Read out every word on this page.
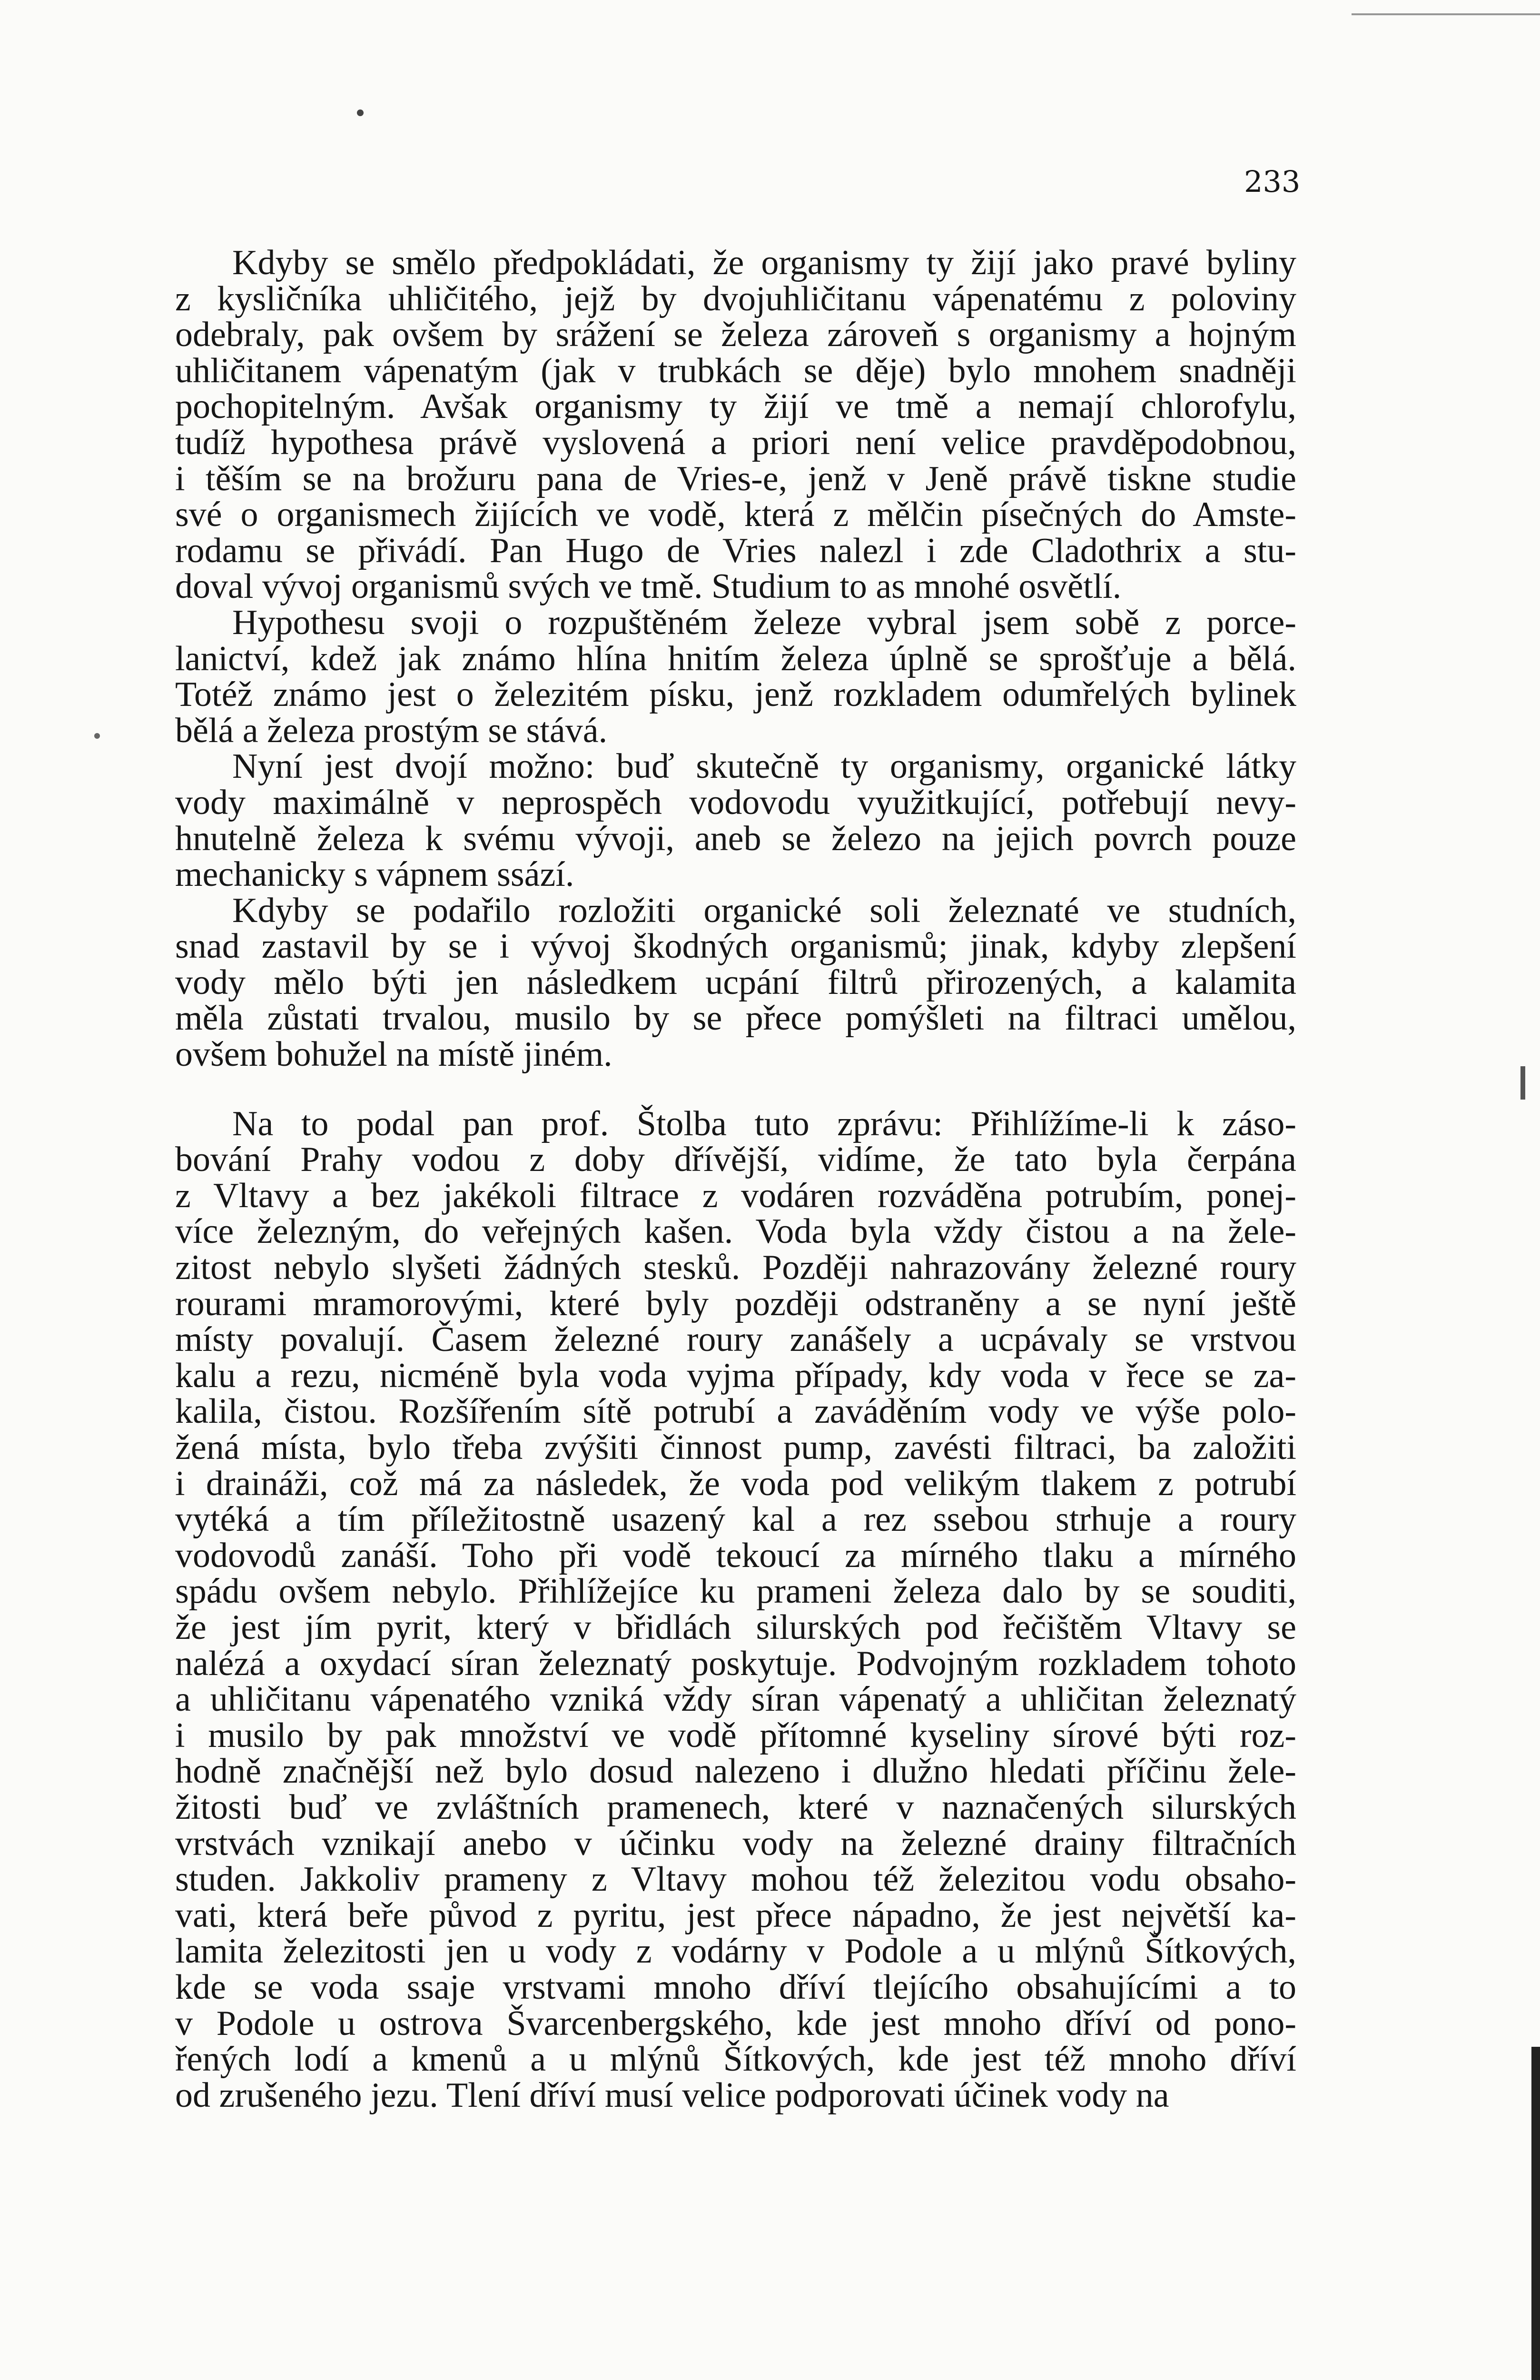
233
Kdyby se smělo předpokládati, že organismy ty žijí jako pravé byliny
z kysličníka uhličitého, jejž by dvojuhličitanu vápenatému z poloviny
odebraly, pak ovšem by srážení se železa zároveň s organismy a hojným
uhličitanem vápenatým (jak v trubkách se děje) bylo mnohem snadněji
pochopitelným. Avšak organismy ty žijí ve tmě a nemají chlorofylu,
tudíž hypothesa právě vyslovená a priori není velice pravděpodobnou,
i těším se na brožuru pana de Vries-e, jenž v Jeně právě tiskne studie
své o organismech žijících ve vodě, která z mělčin písečných do Amste-
rodamu se přivádí. Pan Hugo de Vries nalezl i zde Cladothrix a stu-
doval vývoj organismů svých ve tmě. Studium to as mnohé osvětlí.
Hypothesu svoji o rozpuštěném železe vybral jsem sobě z porce-
lanictví, kdež jak známo hlína hnitím železa úplně se sprošťuje a bělá.
Totéž známo jest o železitém písku, jenž rozkladem odumřelých bylinek
bělá a železa prostým se stává.
Nyní jest dvojí možno: buď skutečně ty organismy, organické látky
vody maximálně v neprospěch vodovodu využitkující, potřebují nevy-
hnutelně železa k svému vývoji, aneb se železo na jejich povrch pouze
mechanicky s vápnem ssází.
Kdyby se podařilo rozložiti organické soli železnaté ve studních,
snad zastavil by se i vývoj škodných organismů; jinak, kdyby zlepšení
vody mělo býti jen následkem ucpání filtrů přirozených, a kalamita
měla zůstati trvalou, musilo by se přece pomýšleti na filtraci umělou,
ovšem bohužel na místě jiném.
Na to podal pan prof. Štolba tuto zprávu: Přihlížíme-li k záso-
bování Prahy vodou z doby dřívější, vidíme, že tato byla čerpána
z Vltavy a bez jakékoli filtrace z vodáren rozváděna potrubím, ponej-
více železným, do veřejných kašen. Voda byla vždy čistou a na žele-
zitost nebylo slyšeti žádných stesků. Později nahrazovány železné roury
rourami mramorovými, které byly později odstraněny a se nyní ještě
místy povalují. Časem železné roury zanášely a ucpávaly se vrstvou
kalu a rezu, nicméně byla voda vyjma případy, kdy voda v řece se za-
kalila, čistou. Rozšířením sítě potrubí a zaváděním vody ve výše polo-
žená místa, bylo třeba zvýšiti činnost pump, zavésti filtraci, ba založiti
i draináži, což má za následek, že voda pod velikým tlakem z potrubí
vytéká a tím příležitostně usazený kal a rez ssebou strhuje a roury
vodovodů zanáší. Toho při vodě tekoucí za mírného tlaku a mírného
spádu ovšem nebylo. Přihlížejíce ku prameni železa dalo by se souditi,
že jest jím pyrit, který v břidlách silurských pod řečištěm Vltavy se
nalézá a oxydací síran železnatý poskytuje. Podvojným rozkladem tohoto
a uhličitanu vápenatého vzniká vždy síran vápenatý a uhličitan železnatý
i musilo by pak množství ve vodě přítomné kyseliny sírové býti roz-
hodně značnější než bylo dosud nalezeno i dlužno hledati příčinu žele-
žitosti buď ve zvláštních pramenech, které v naznačených silurských
vrstvách vznikají anebo v účinku vody na železné drainy filtračních
studen. Jakkoliv prameny z Vltavy mohou též železitou vodu obsaho-
vati, která beře původ z pyritu, jest přece nápadno, že jest největší ka-
lamita železitosti jen u vody z vodárny v Podole a u mlýnů Šítkových,
kde se voda ssaje vrstvami mnoho dříví tlejícího obsahujícími a to
v Podole u ostrova Švarcenbergského, kde jest mnoho dříví od pono-
řených lodí a kmenů a u mlýnů Šítkových, kde jest též mnoho dříví
od zrušeného jezu. Tlení dříví musí velice podporovati účinek vody na
